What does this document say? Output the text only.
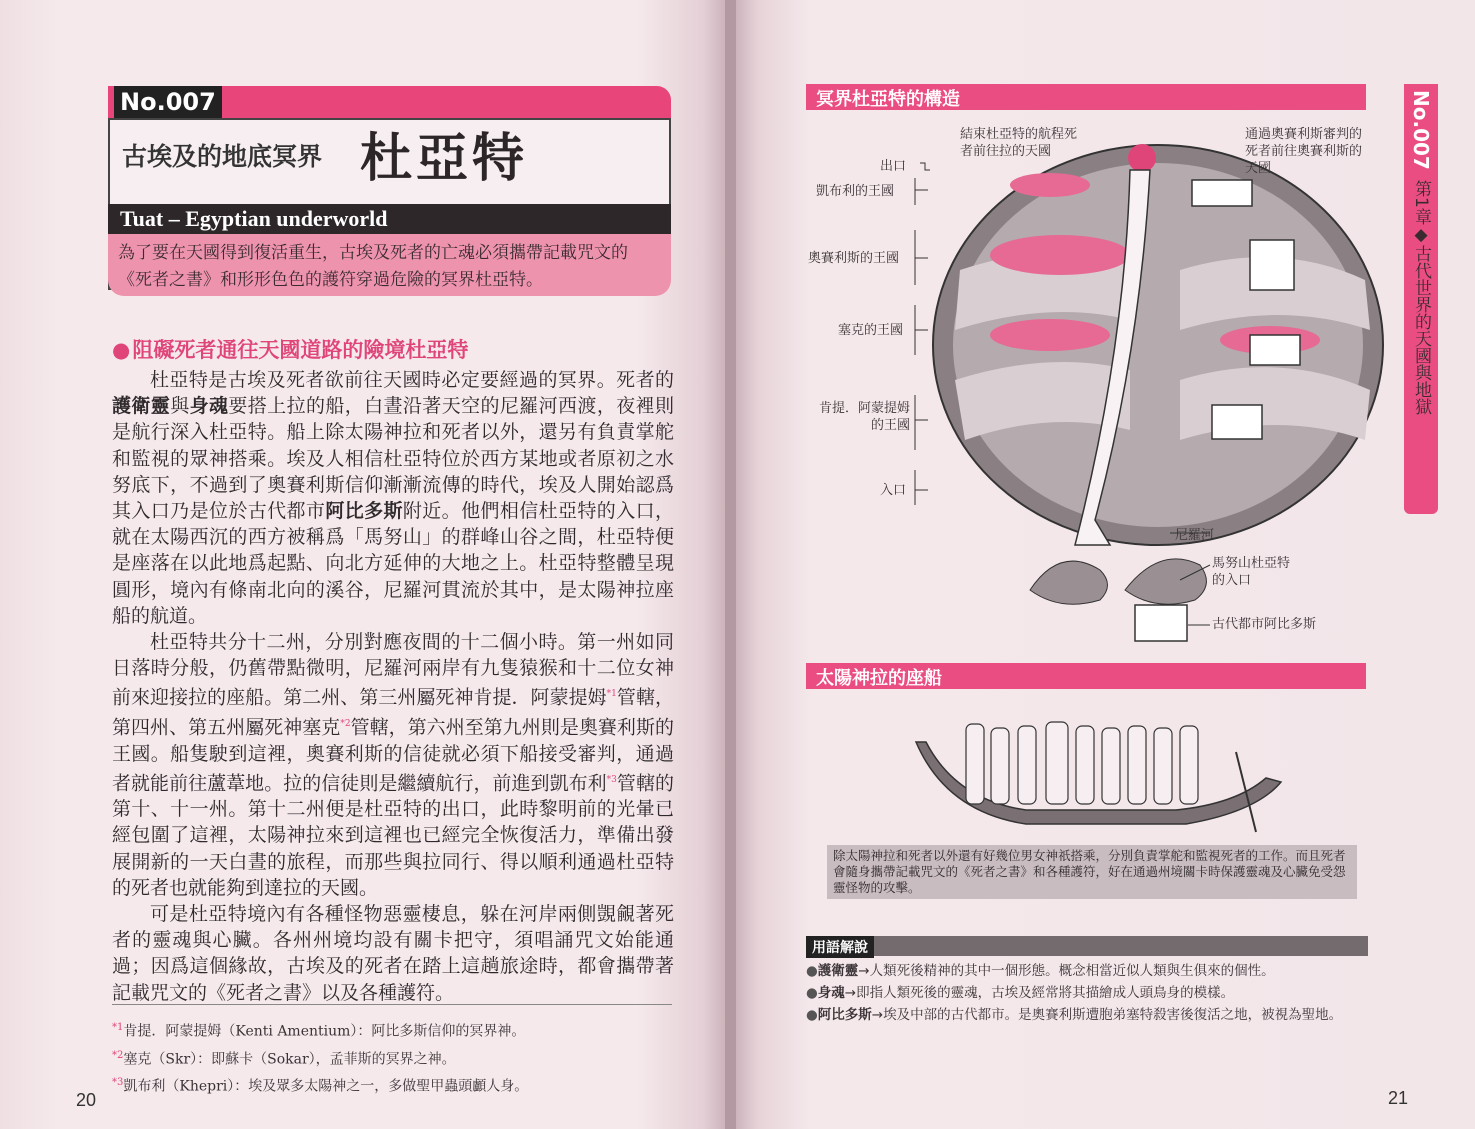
古埃及的地底冥界 杜亞特
Tuat – Egyptian underworld
為了要在天國得到復活重生，古埃及死者的亡魂必須攜帶記載咒文的《死者之書》和形形色色的護符穿過危險的冥界杜亞特。
No.007
● 阻礙死者通往天國道路的險境杜亞特

杜亞特是古埃及死者欲前往天國時必定要經過的冥界。死者的護衛靈與身魂要搭上拉的船，白晝沿著天空的尼羅河西渡，夜裡則是航行深入杜亞特。船上除太陽神拉和死者以外，還另有負責掌舵和監視的眾神搭乘。埃及人相信杜亞特位於西方某地或者原初之水努底下，不過到了奧賽利斯信仰漸漸流傳的時代，埃及人開始認爲其入口乃是位於古代都市阿比多斯附近。他們相信杜亞特的入口，就在太陽西沉的西方被稱爲「馬努山」的群峰山谷之間，杜亞特便是座落在以此地爲起點、向北方延伸的大地之上。杜亞特整體呈現圓形，境內有條南北向的溪谷，尼羅河貫流於其中，是太陽神拉座船的航道。

杜亞特共分十二州，分別對應夜間的十二個小時。第一州如同日落時分般，仍舊帶點微明，尼羅河兩岸有九隻猿猴和十二位女神前來迎接拉的座船。第二州、第三州屬死神肯提．阿蒙提姆$^{*1}$管轄，第四州、第五州屬死神塞克$^{*2}$管轄，第六州至第九州則是奧賽利斯的王國。船隻駛到這裡，奧賽利斯的信徒就必須下船接受審判，通過者就能前往蘆葦地。拉的信徒則是繼續航行，前進到凱布利$^{*3}$管轄的第十、十一州。第十二州便是杜亞特的出口，此時黎明前的光暈已經包圍了這裡，太陽神拉來到這裡也已經完全恢復活力，準備出發展開新的一天白晝的旅程，而那些與拉同行、得以順利通過杜亞特的死者也就能夠到達拉的天國。

可是杜亞特境內有各種怪物惡靈棲息，躲在河岸兩側覬覦著死者的靈魂與心臟。各州州境均設有關卡把守，須唱誦咒文始能通過；因爲這個緣故，古埃及的死者在踏上這趟旅途時，都會攜帶著記載咒文的《死者之書》以及各種護符。

$^{*1}$肯提．阿蒙提姆（Kenti Amentium）：阿比多斯信仰的冥界神。
$^{*2}$塞克（Skr）：即蘇卡（Sokar），孟菲斯的冥界之神。
$^{*3}$凱布利（Khepri）：埃及眾多太陽神之一，多做聖甲蟲頭顱人身。
20
冥界杜亞特的構造
出口
凱布利的王國
奧賽利斯的王國
塞克的王國
肯提．阿蒙提姆的王國
入口
結束杜亞特的航程死者前往拉的天國
通過奧賽利斯審判的死者前往奧賽利斯的天國
尼羅河
馬努山杜亞特的入口
古代都市阿比多斯
太陽神拉的座船
除太陽神拉和死者以外還有好幾位男女神祇搭乘，分別負責掌舵和監視死者的工作。而且死者會隨身攜帶記載咒文的《死者之書》和各種護符，好在通過州境關卡時保護靈魂及心臟免受怨靈怪物的攻擊。
用語解說
●護衛靈→人類死後精神的其中一個形態。概念相當近似人類與生俱來的個性。
●身魂→即指人類死後的靈魂，古埃及經常將其描繪成人頭鳥身的模樣。
●阿比多斯→埃及中部的古代都市。是奧賽利斯遭胞弟塞特殺害後復活之地，被視為聖地。
No.007
第1章◆古代世界的天國與地獄
21
